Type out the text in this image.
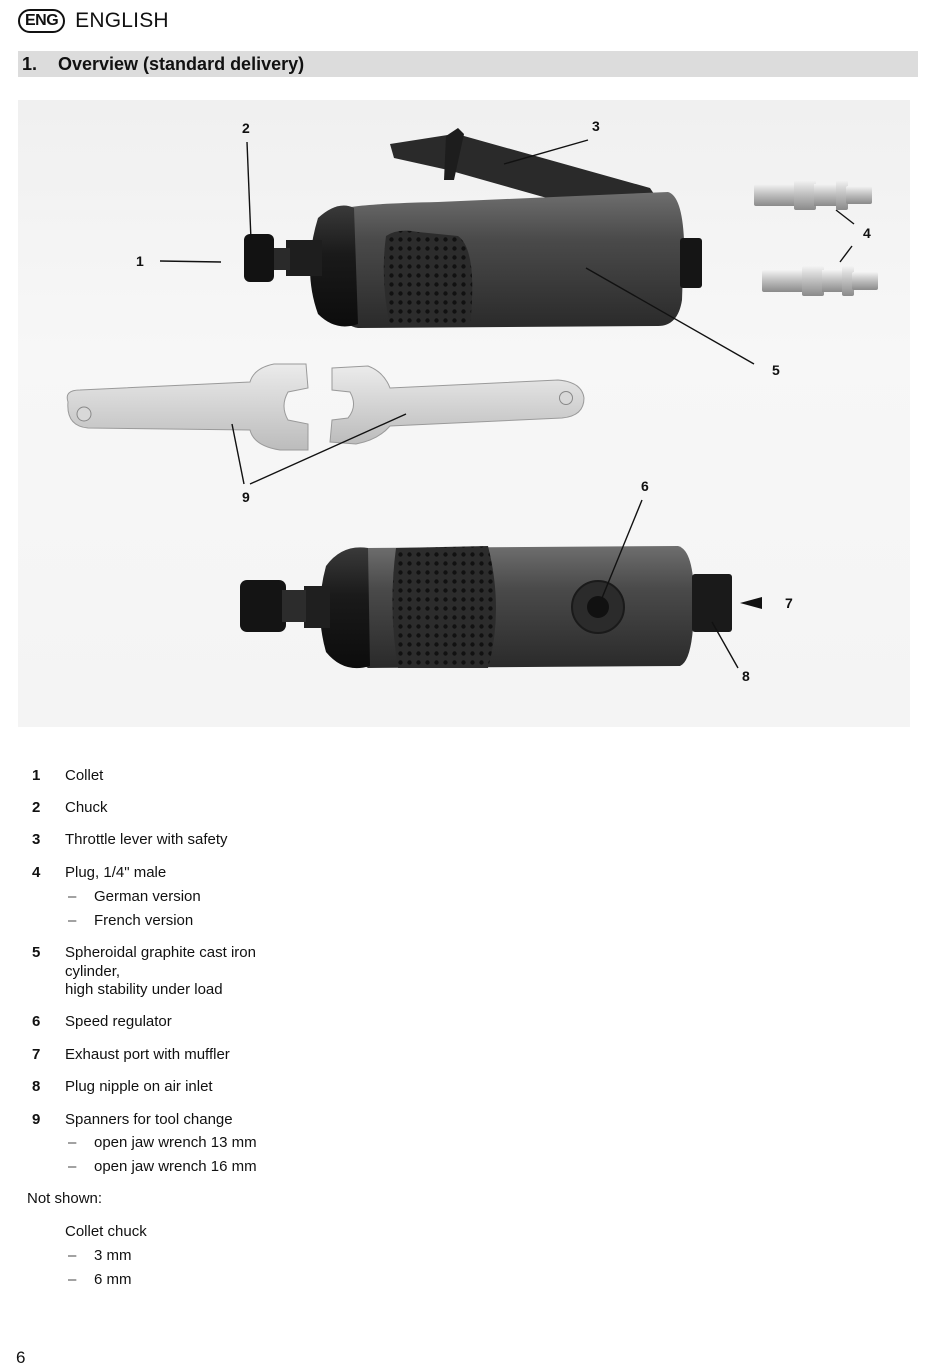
ENG ENGLISH
1.	Overview (standard delivery)
1
2	3
4
5
6
7
8
9
1 Collet
2 Chuck
3 Throttle lever with safety
4 Plug, 1/4" male
– German version
– French version
5 Spheroidal graphite cast iron
cylinder,
high stability under load
6 Speed regulator
7 Exhaust port with muffler
8 Plug nipple on air inlet
9 Spanners for tool change
– open jaw wrench 13 mm
– open jaw wrench 16 mm
Not shown:
Collet chuck
– 3 mm
– 6 mm
6
